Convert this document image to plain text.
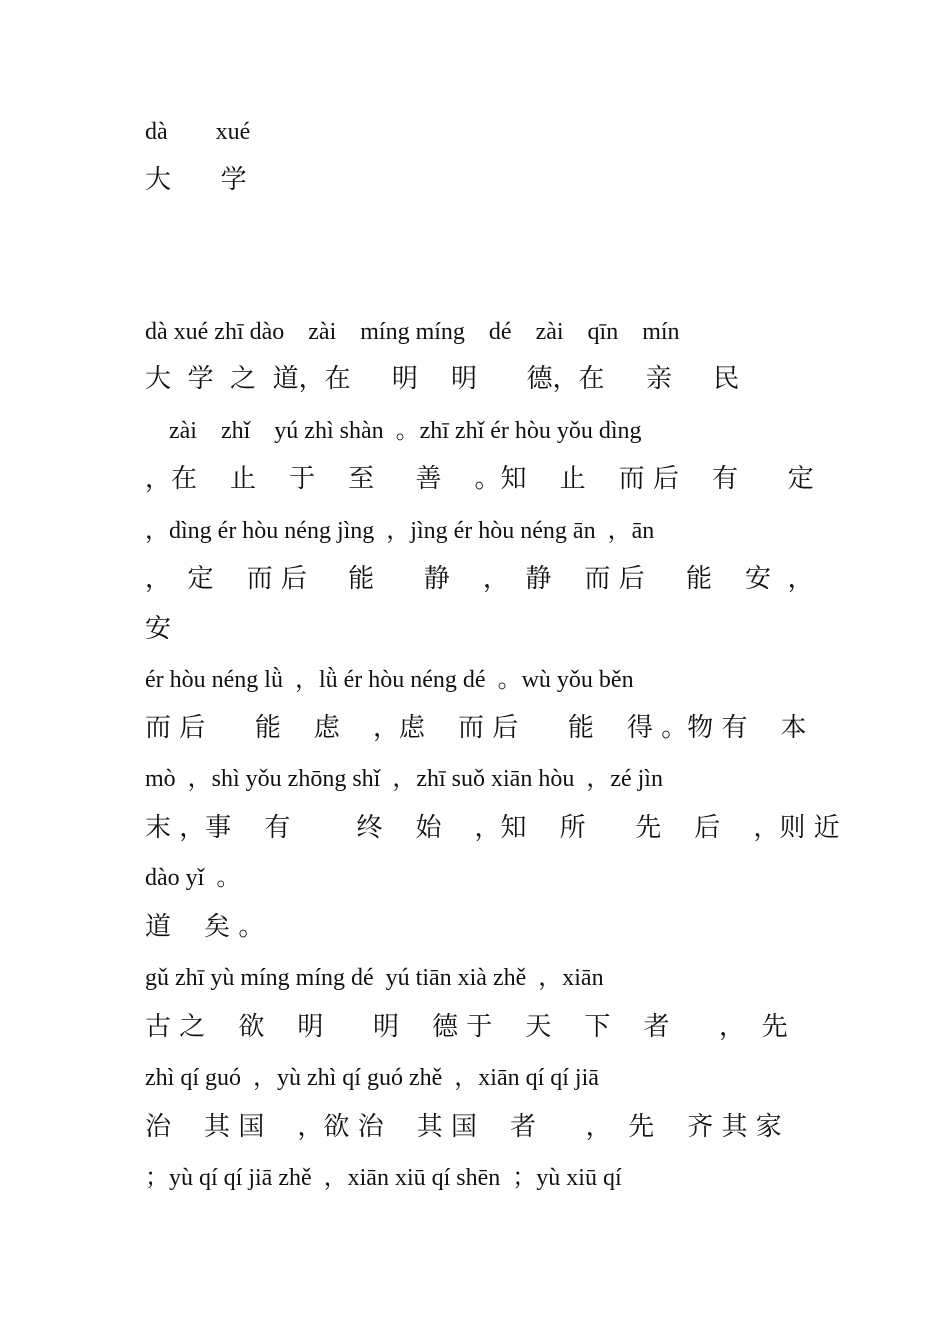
dà        xué
大      学
dà xué zhī dào    zài    míng míng    dé    zài    qīn    mín
大  学  之  道，在     明    明      德，在     亲     民
zài    zhǐ    yú zhì shàn  。zhī zhǐ ér hòu yǒu dìng
，在    止    于    至     善    。知    止    而 后    有      定
，dìng ér hòu néng jìng  ，jìng ér hòu néng ān  ，ān
，  定    而 后     能      静    ，  静    而 后     能    安  ，
安
ér hòu néng lǜ  ，lǜ ér hòu néng dé  。wù yǒu běn
而 后      能    虑    ，虑    而 后      能    得 。物 有    本
mò  ，shì yǒu zhōng shǐ  ，zhī suǒ xiān hòu  ，zé jìn
末 ，事    有        终    始    ，知    所      先    后    ，则 近
dào yǐ  。
道    矣 。
gǔ zhī yù míng míng dé  yú tiān xià zhě  ，xiān
古 之    欲    明      明    德 于    天    下    者      ，  先
zhì qí guó  ，yù zhì qí guó zhě  ，xiān qí qí jiā
治    其 国    ，欲 治    其 国    者      ，  先    齐 其 家
；yù qí qí jiā zhě  ，xiān xiū qí shēn  ；yù xiū qí
